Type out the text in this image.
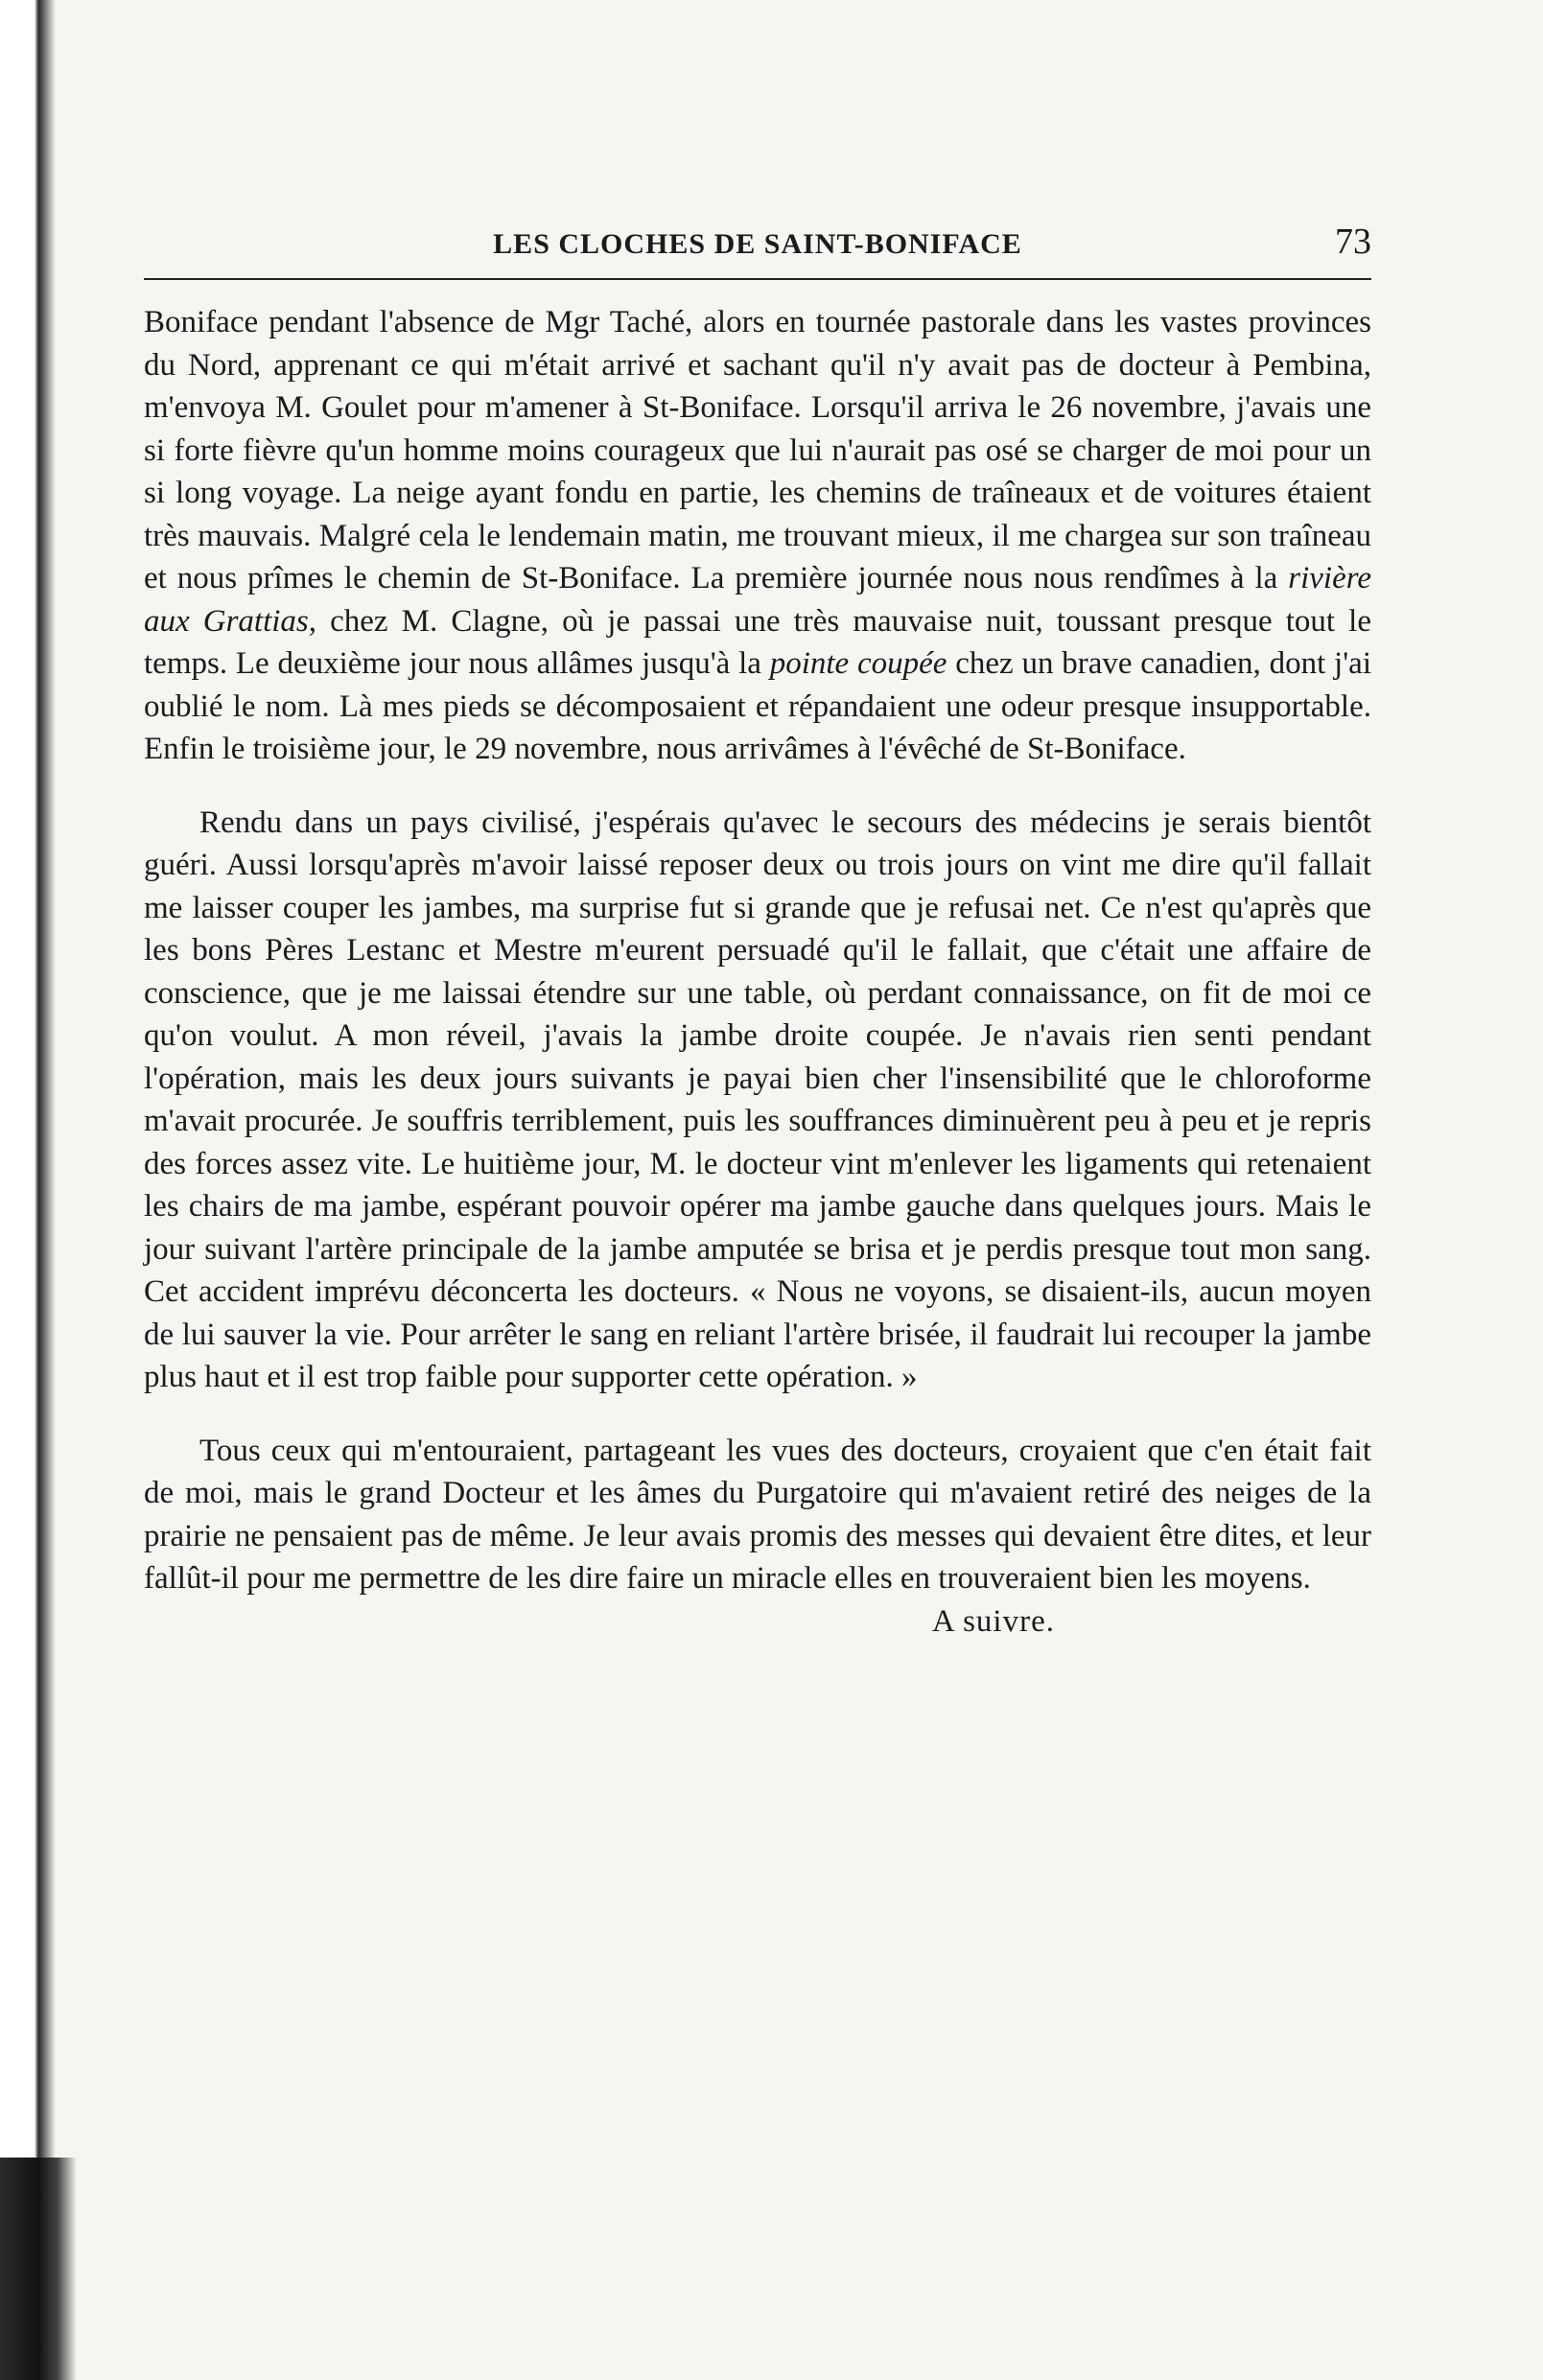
LES CLOCHES DE SAINT-BONIFACE	73

Boniface pendant l'absence de Mgr Taché, alors en tournée pastorale dans les vastes provinces du Nord, apprenant ce qui m'était arrivé et sachant qu'il n'y avait pas de docteur à Pembina, m'envoya M. Goulet pour m'amener à St-Boniface. Lorsqu'il arriva le 26 novembre, j'avais une si forte fièvre qu'un homme moins courageux que lui n'aurait pas osé se charger de moi pour un si long voyage. La neige ayant fondu en partie, les chemins de traîneaux et de voitures étaient très mauvais. Malgré cela le lendemain matin, me trouvant mieux, il me chargea sur son traîneau et nous prîmes le chemin de St-Boniface. La première journée nous nous rendîmes à la rivière aux Grattias, chez M. Clagne, où je passai une très mauvaise nuit, toussant presque tout le temps. Le deuxième jour nous allâmes jusqu'à la pointe coupée chez un brave canadien, dont j'ai oublié le nom. Là mes pieds se décomposaient et répandaient une odeur presque insupportable. Enfin le troisième jour, le 29 novembre, nous arrivâmes à l'évêché de St-Boniface.

Rendu dans un pays civilisé, j'espérais qu'avec le secours des médecins je serais bientôt guéri. Aussi lorsqu'après m'avoir laissé reposer deux ou trois jours on vint me dire qu'il fallait me laisser couper les jambes, ma surprise fut si grande que je refusai net. Ce n'est qu'après que les bons Pères Lestanc et Mestre m'eurent persuadé qu'il le fallait, que c'était une affaire de conscience, que je me laissai étendre sur une table, où perdant connaissance, on fit de moi ce qu'on voulut. A mon réveil, j'avais la jambe droite coupée. Je n'avais rien senti pendant l'opération, mais les deux jours suivants je payai bien cher l'insensibilité que le chloroforme m'avait procurée. Je souffris terriblement, puis les souffrances diminuèrent peu à peu et je repris des forces assez vite. Le huitième jour, M. le docteur vint m'enlever les ligaments qui retenaient les chairs de ma jambe, espérant pouvoir opérer ma jambe gauche dans quelques jours. Mais le jour suivant l'artère principale de la jambe amputée se brisa et je perdis presque tout mon sang. Cet accident imprévu déconcerta les docteurs. « Nous ne voyons, se disaient-ils, aucun moyen de lui sauver la vie. Pour arrêter le sang en reliant l'artère brisée, il faudrait lui recouper la jambe plus haut et il est trop faible pour supporter cette opération. »

Tous ceux qui m'entouraient, partageant les vues des docteurs, croyaient que c'en était fait de moi, mais le grand Docteur et les âmes du Purgatoire qui m'avaient retiré des neiges de la prairie ne pensaient pas de même. Je leur avais promis des messes qui devaient être dites, et leur fallût-il pour me permettre de les dire faire un miracle elles en trouveraient bien les moyens.

A suivre.
